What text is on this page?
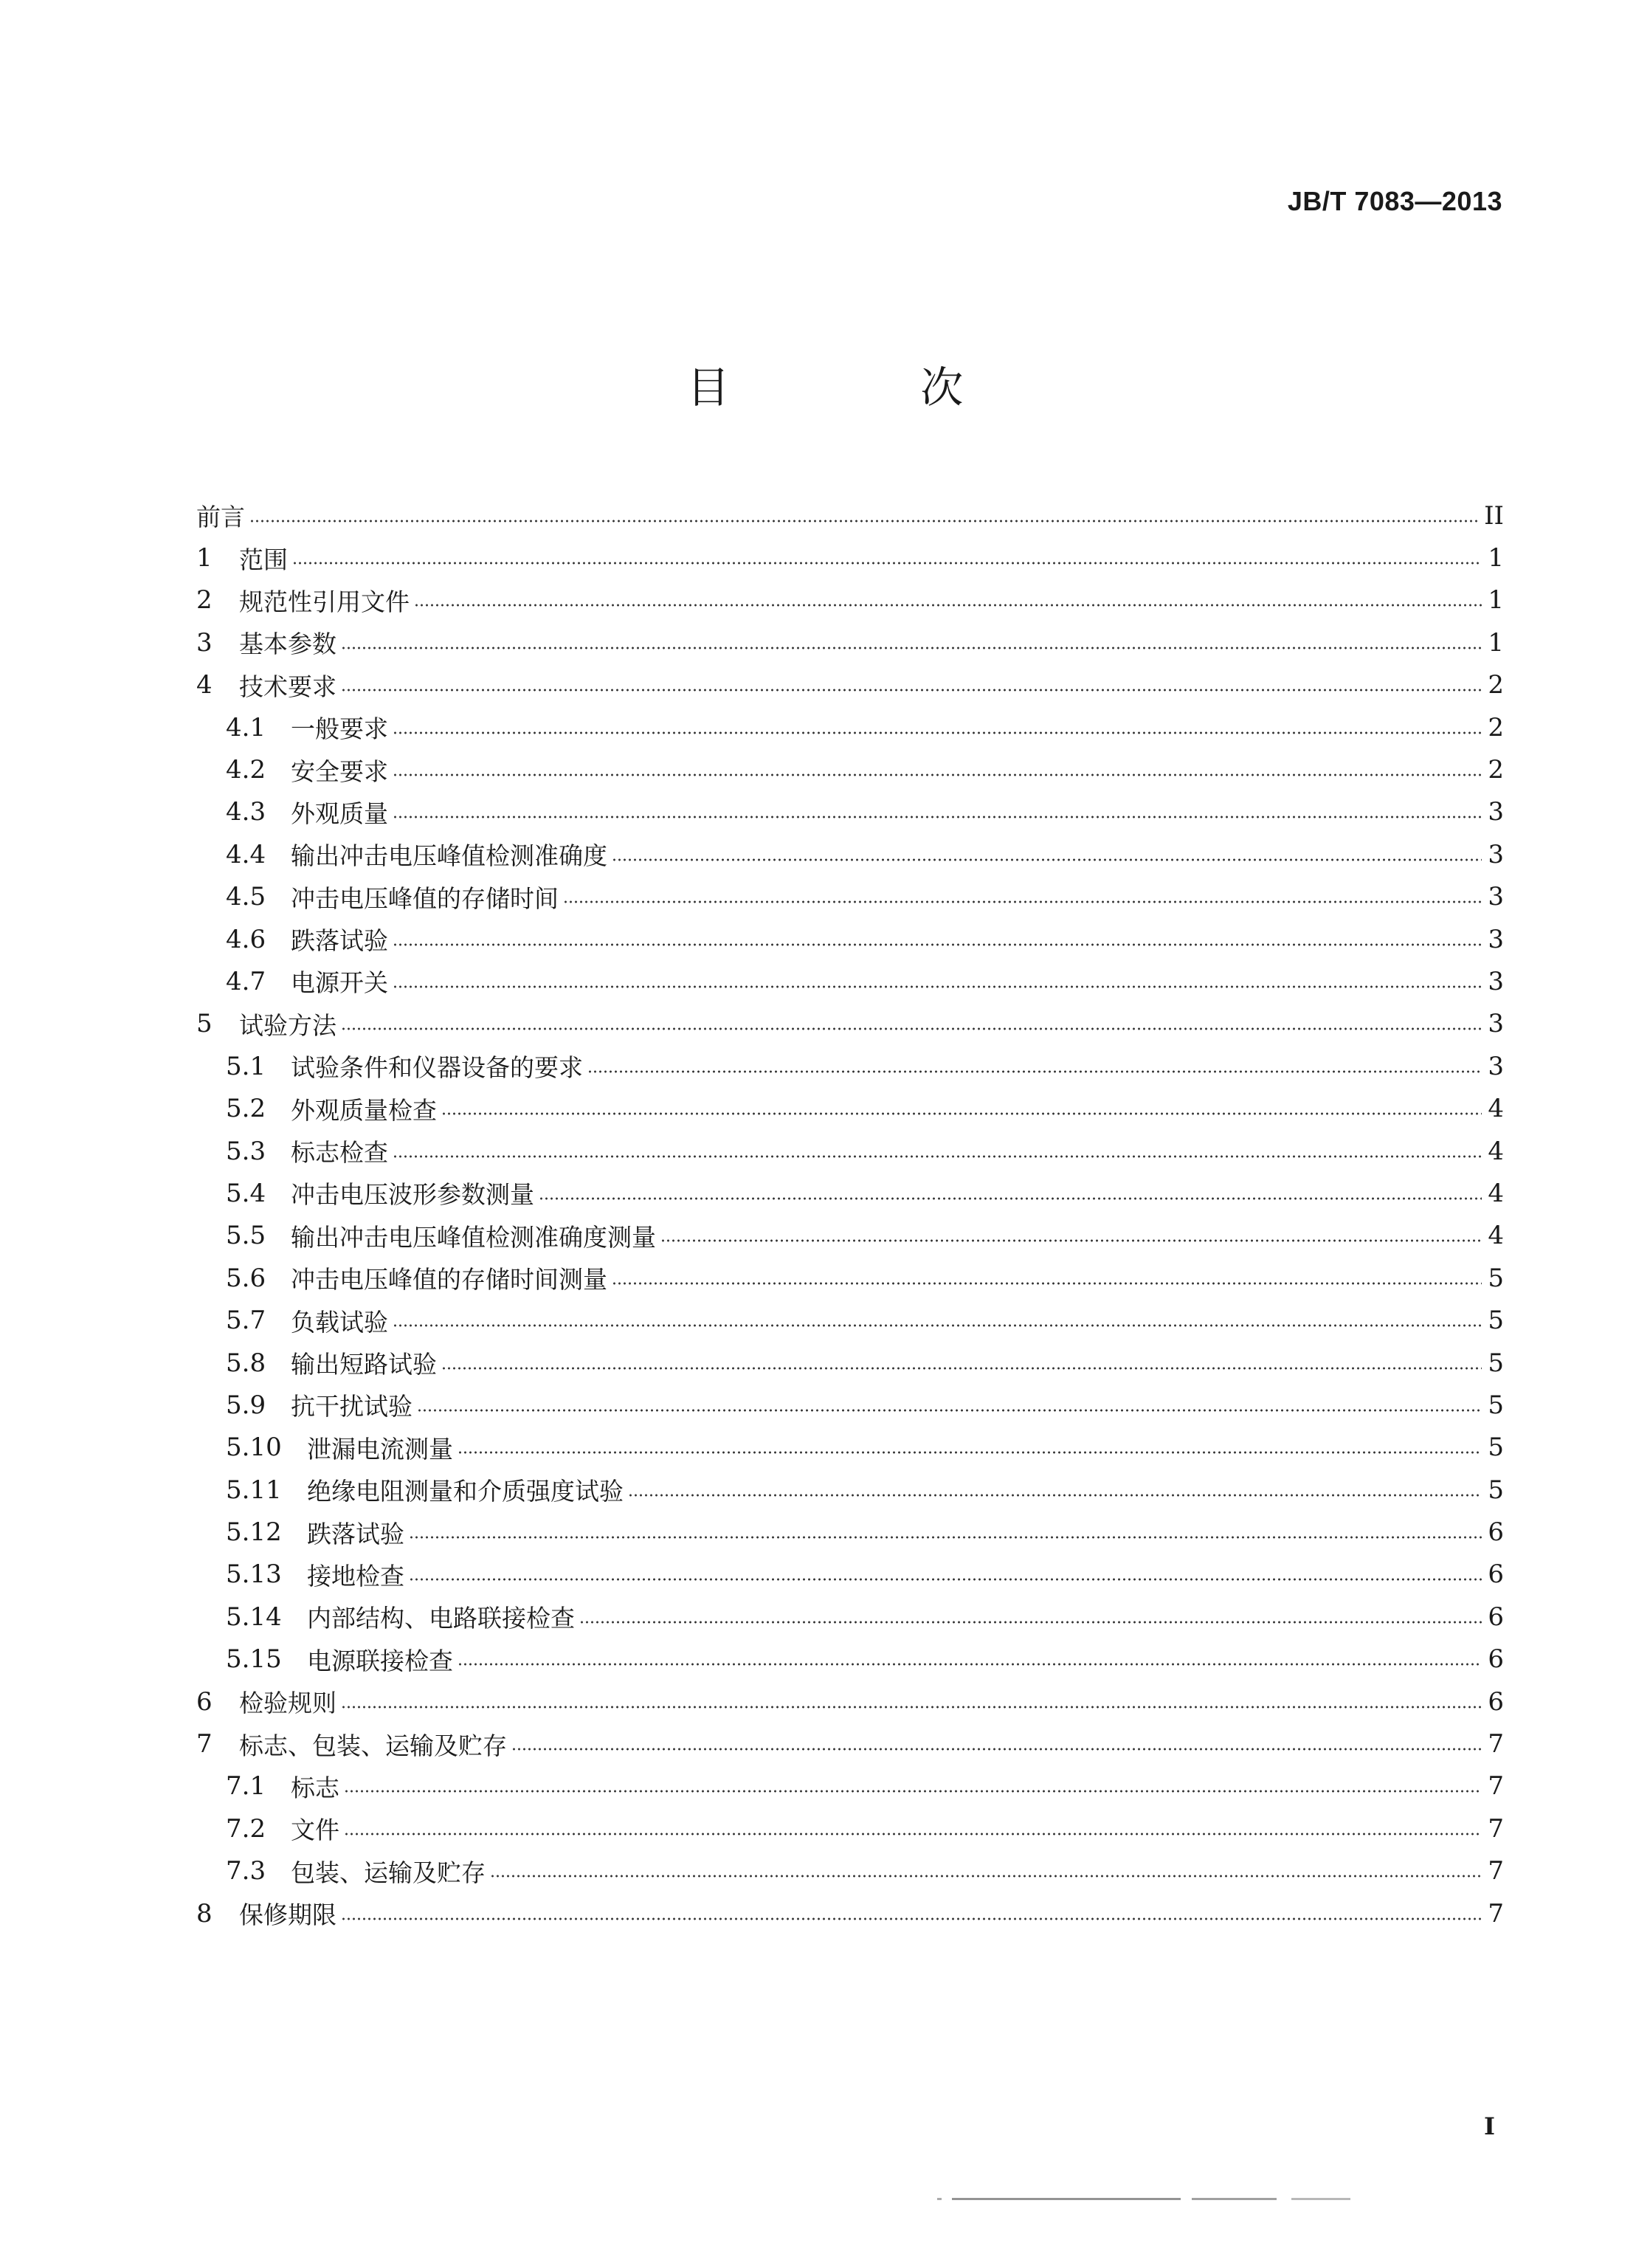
JB/T 7083—2013
目 次
前言	II
1	范围	1
2	规范性引用文件	1
3	基本参数	1
4	技术要求	2
4.1	一般要求	2
4.2	安全要求	2
4.3	外观质量	3
4.4	输出冲击电压峰值检测准确度	3
4.5	冲击电压峰值的存储时间	3
4.6	跌落试验	3
4.7	电源开关	3
5	试验方法	3
5.1	试验条件和仪器设备的要求	3
5.2	外观质量检查	4
5.3	标志检查	4
5.4	冲击电压波形参数测量	4
5.5	输出冲击电压峰值检测准确度测量	4
5.6	冲击电压峰值的存储时间测量	5
5.7	负载试验	5
5.8	输出短路试验	5
5.9	抗干扰试验	5
5.10	泄漏电流测量	5
5.11	绝缘电阻测量和介质强度试验	5
5.12	跌落试验	6
5.13	接地检查	6
5.14	内部结构、电路联接检查	6
5.15	电源联接检查	6
6	检验规则	6
7	标志、包装、运输及贮存	7
7.1	标志	7
7.2	文件	7
7.3	包装、运输及贮存	7
8	保修期限	7
I
